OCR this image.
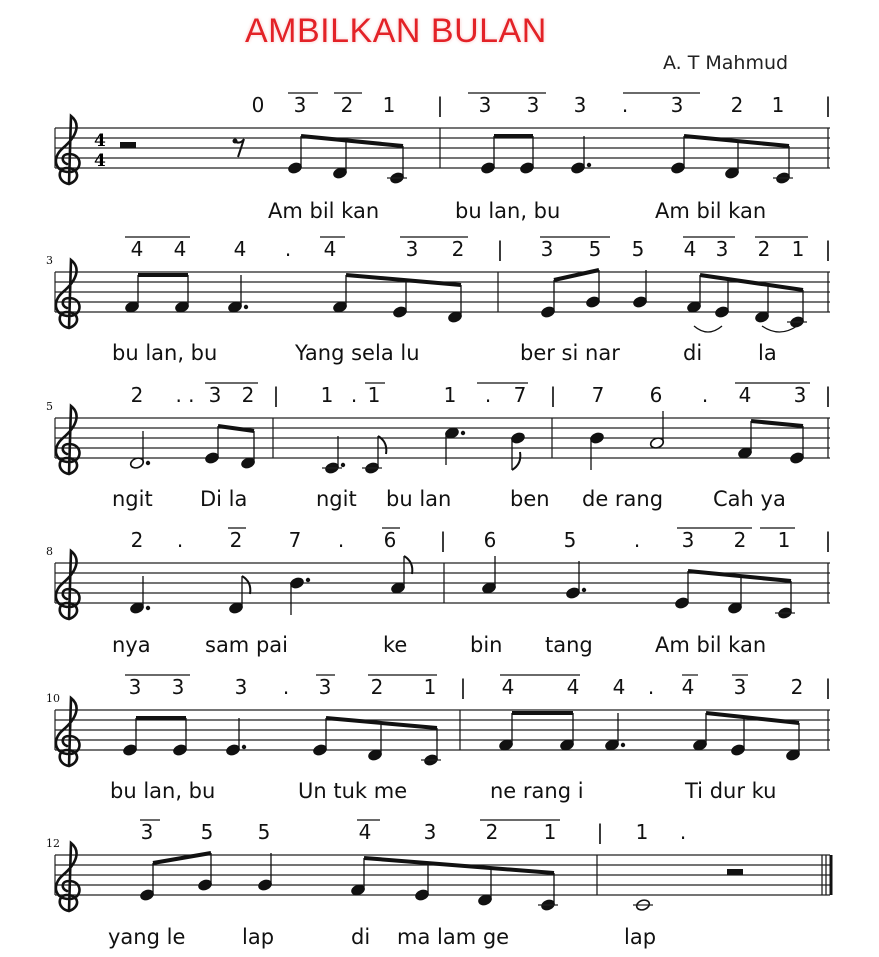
AMBILKAN BULAN
A. T Mahmud
4
4
0 3 2 1 | 3 3 3 . 3 2 1 |
Am bil kan	bu lan, bu	Am bil kan
3	4 4 4 . 4	3 2 | 3 5 5 4 3 2 1 |
bu lan, bu	Yang sela lu	ber si nar	di	la
5	2 . . 3 2 | 1 . 1	1 . 7 | 7 6 . 4 3 |
ngit Di la	ngit bu lan	ben de rang Cah ya
8	2 . 2 7 . 6 | 6	5	. 3 2 1 |
nya	sam pai	ke	bin tang	Am bil kan
10	3 3	3 . 3 2 1 | 4	4 4 . 4 3 2 |
bu lan, bu	Un tuk me	ne rang i	Ti dur ku
12	3 5 5	4	3 2 1 | 1 .
yang le	lap	di ma lam ge	lap
